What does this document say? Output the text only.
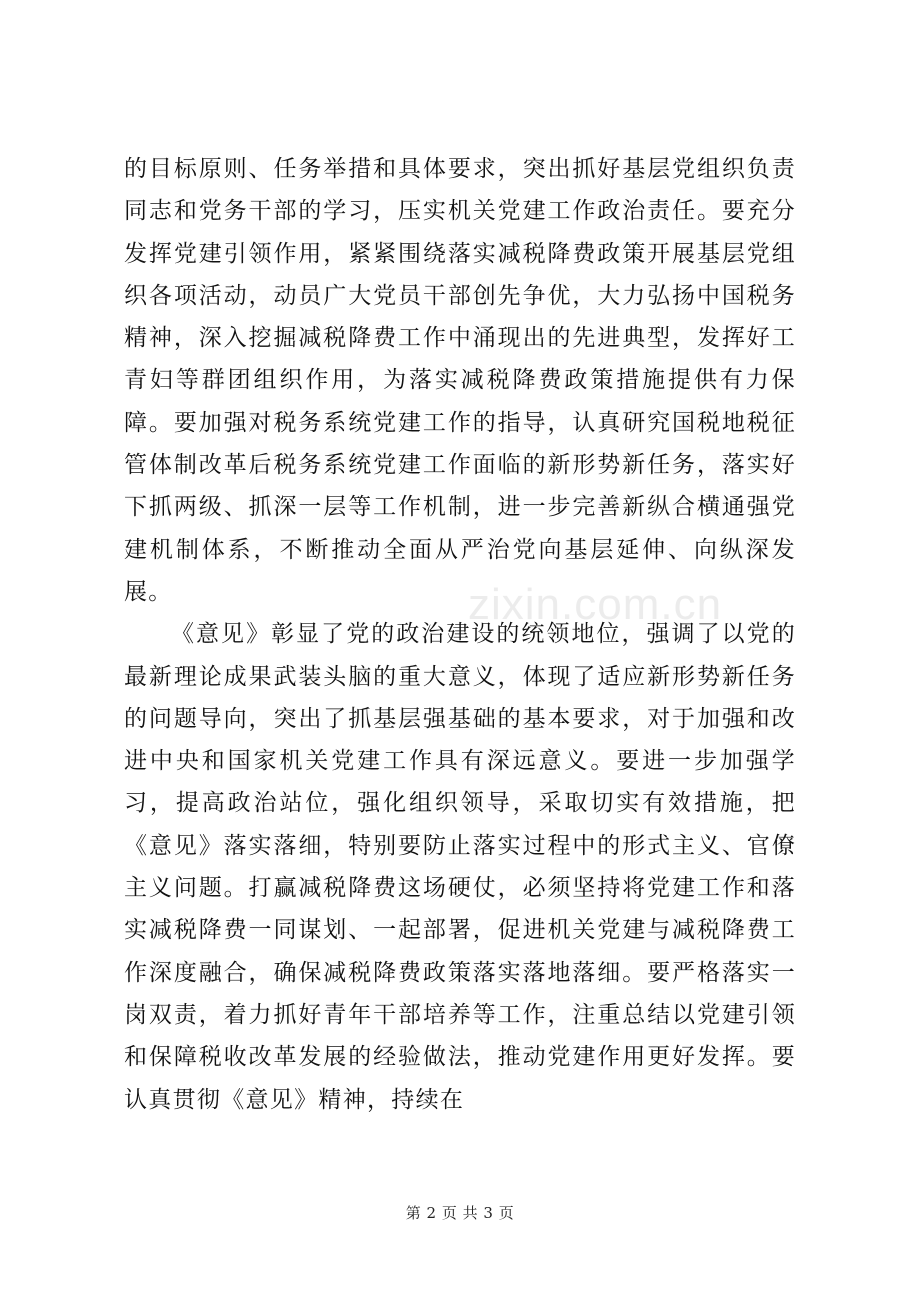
zixin.com.cn

的目标原则、任务举措和具体要求，突出抓好基层党组织负责同志和党务干部的学习，压实机关党建工作政治责任。要充分发挥党建引领作用，紧紧围绕落实减税降费政策开展基层党组织各项活动，动员广大党员干部创先争优，大力弘扬中国税务精神，深入挖掘减税降费工作中涌现出的先进典型，发挥好工青妇等群团组织作用，为落实减税降费政策措施提供有力保障。要加强对税务系统党建工作的指导，认真研究国税地税征管体制改革后税务系统党建工作面临的新形势新任务，落实好下抓两级、抓深一层等工作机制，进一步完善新纵合横通强党建机制体系，不断推动全面从严治党向基层延伸、向纵深发展。

《意见》彰显了党的政治建设的统领地位，强调了以党的最新理论成果武装头脑的重大意义，体现了适应新形势新任务的问题导向，突出了抓基层强基础的基本要求，对于加强和改进中央和国家机关党建工作具有深远意义。要进一步加强学习，提高政治站位，强化组织领导，采取切实有效措施，把《意见》落实落细，特别要防止落实过程中的形式主义、官僚主义问题。打赢减税降费这场硬仗，必须坚持将党建工作和落实减税降费一同谋划、一起部署，促进机关党建与减税降费工作深度融合，确保减税降费政策落实落地落细。要严格落实一岗双责，着力抓好青年干部培养等工作，注重总结以党建引领和保障税收改革发展的经验做法，推动党建作用更好发挥。要认真贯彻《意见》精神，持续在

第 2 页 共 3 页
